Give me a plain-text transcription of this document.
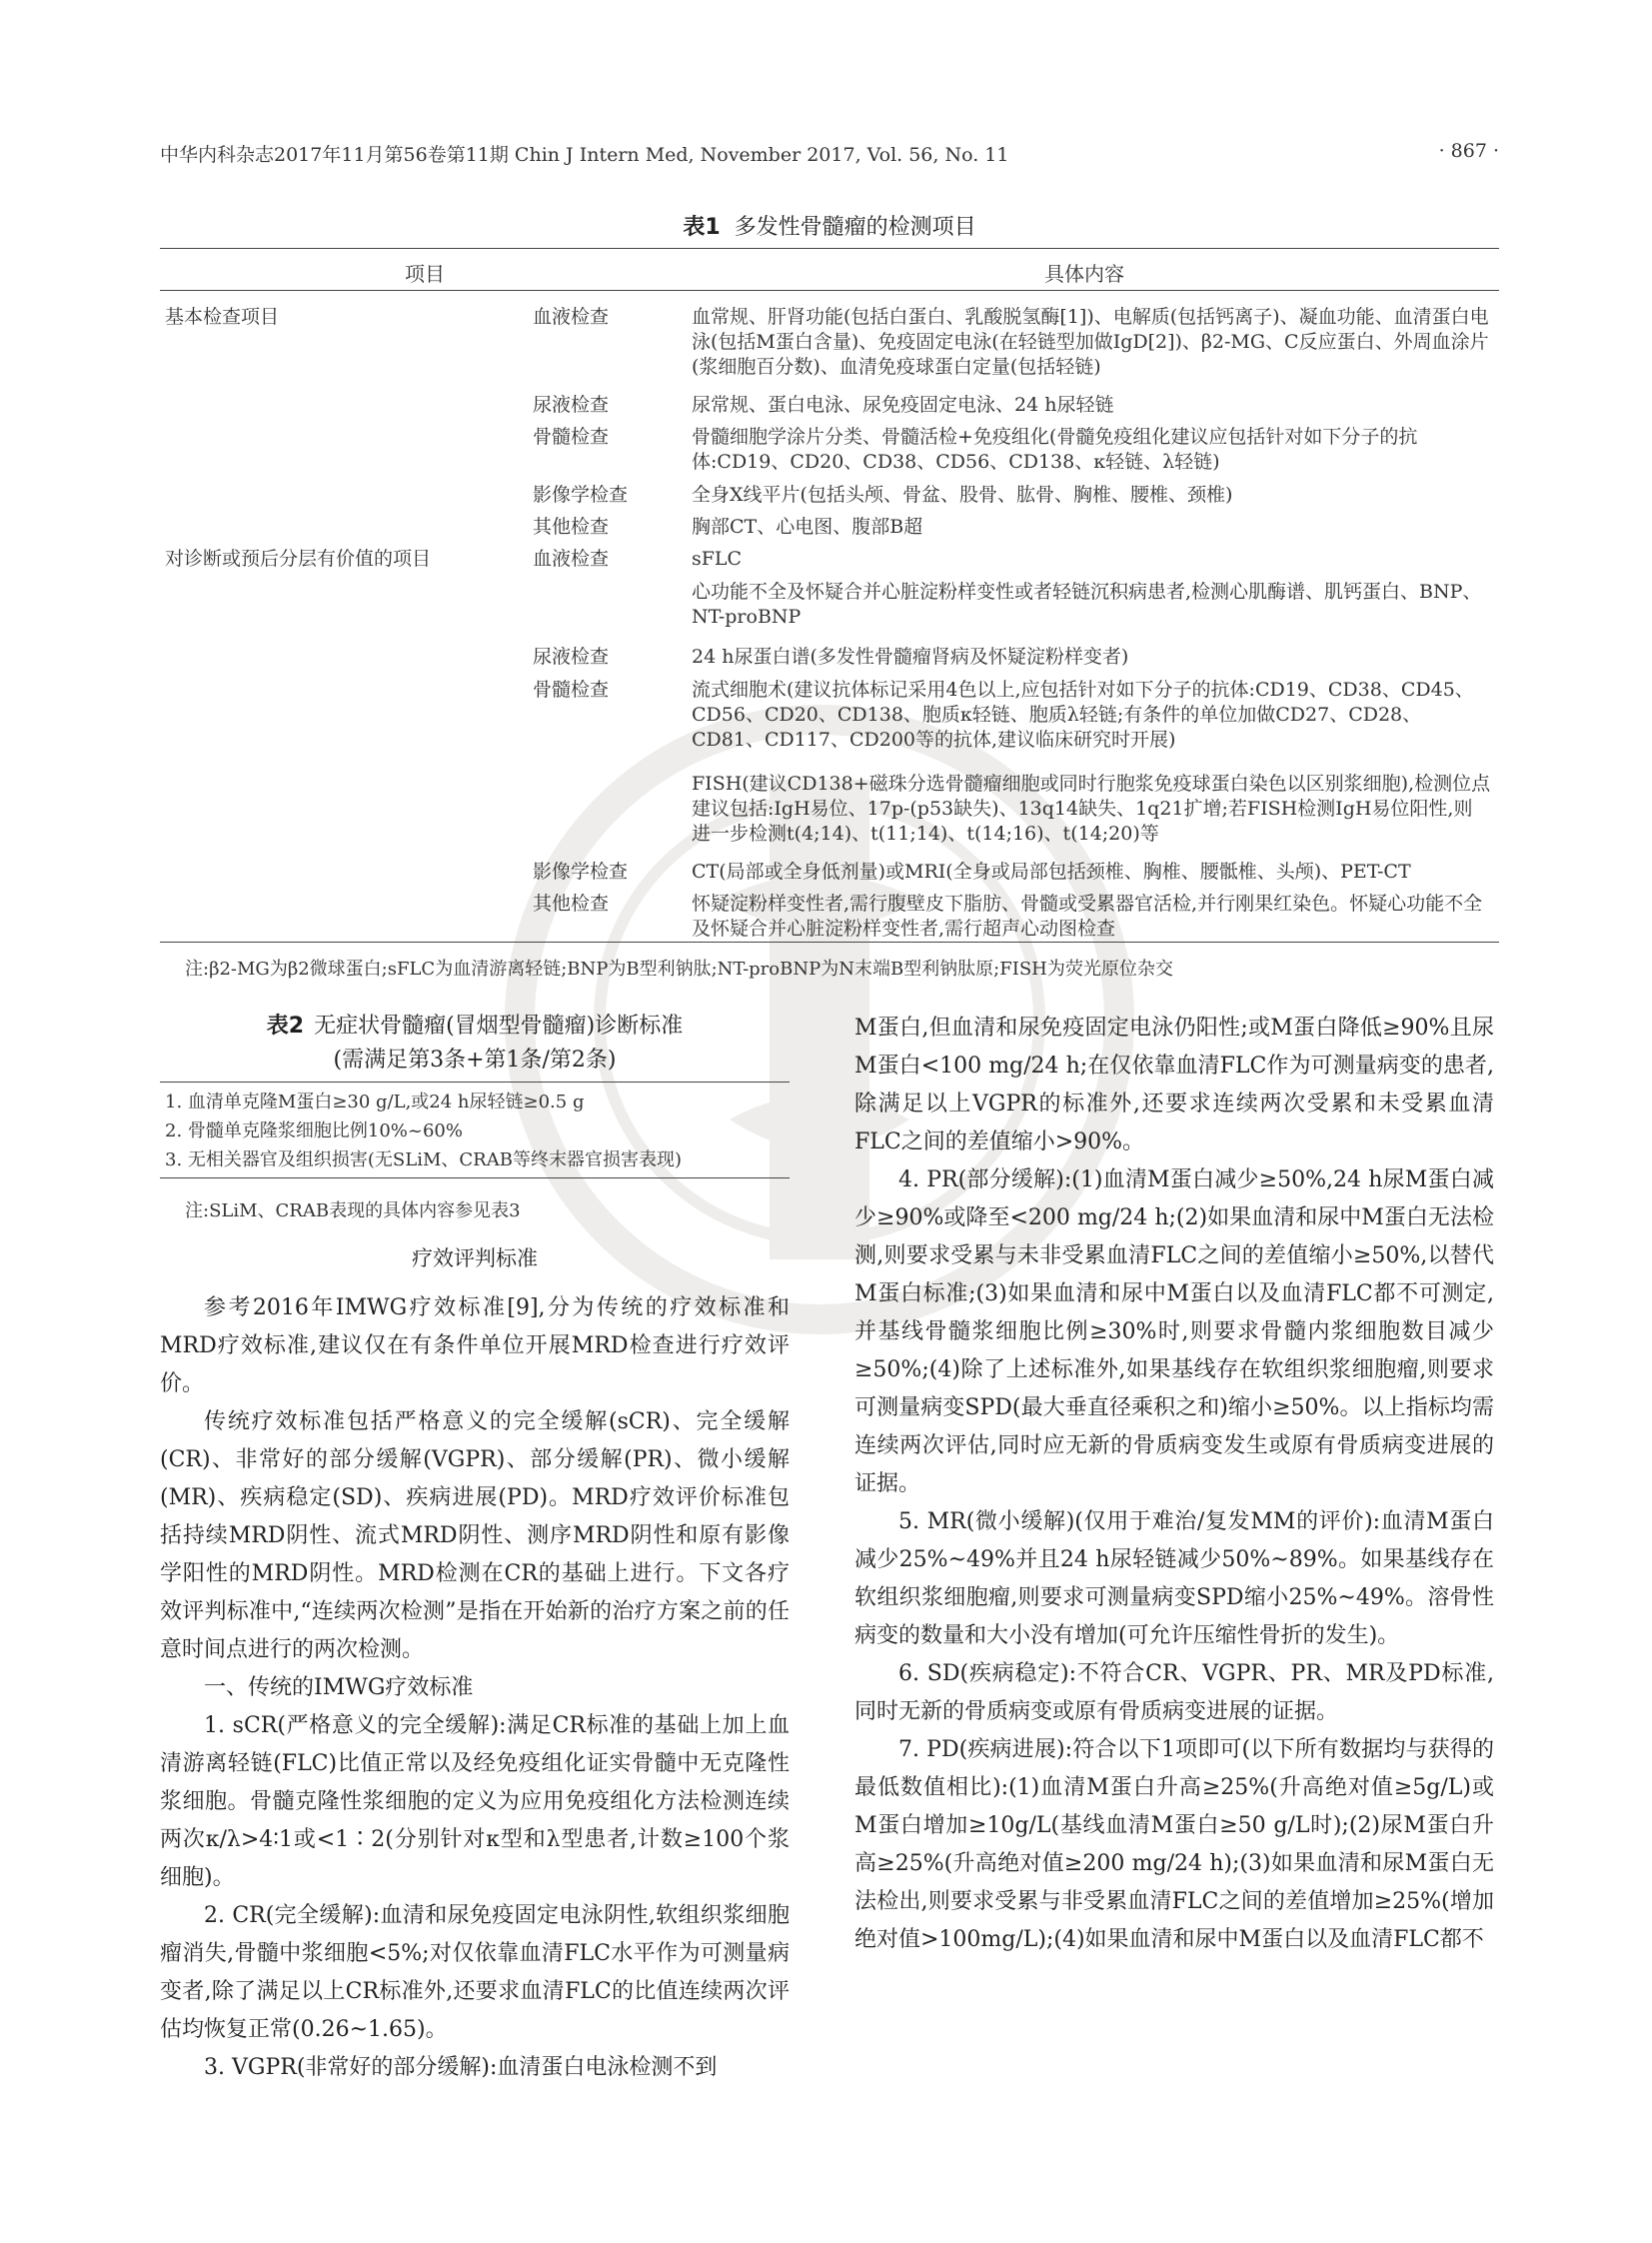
中华内科杂志2017年11月第56卷第11期 Chin J Intern Med, November 2017, Vol. 56, No. 11	· 867 ·
表1 多发性骨髓瘤的检测项目
项目	具体内容
基本检查项目	血液检查	血常规、肝肾功能(包括白蛋白、乳酸脱氢酶[1])、电解质(包括钙离子)、凝血功能、血清蛋白电泳(包括M蛋白含量)、免疫固定电泳(在轻链型加做IgD[2])、β2-MG、C反应蛋白、外周血涂片(浆细胞百分数)、血清免疫球蛋白定量(包括轻链)
尿液检查	尿常规、蛋白电泳、尿免疫固定电泳、24 h尿轻链
骨髓检查	骨髓细胞学涂片分类、骨髓活检+免疫组化(骨髓免疫组化建议应包括针对如下分子的抗体:CD19、CD20、CD38、CD56、CD138、κ轻链、λ轻链)
影像学检查	全身X线平片(包括头颅、骨盆、股骨、肱骨、胸椎、腰椎、颈椎)
其他检查	胸部CT、心电图、腹部B超
对诊断或预后分层有价值的项目	血液检查	sFLC
心功能不全及怀疑合并心脏淀粉样变性或者轻链沉积病患者,检测心肌酶谱、肌钙蛋白、BNP、NT-proBNP
尿液检查	24 h尿蛋白谱(多发性骨髓瘤肾病及怀疑淀粉样变者)
骨髓检查	流式细胞术(建议抗体标记采用4色以上,应包括针对如下分子的抗体:CD19、CD38、CD45、CD56、CD20、CD138、胞质κ轻链、胞质λ轻链;有条件的单位加做CD27、CD28、CD81、CD117、CD200等的抗体,建议临床研究时开展)
FISH(建议CD138+磁珠分选骨髓瘤细胞或同时行胞浆免疫球蛋白染色以区别浆细胞),检测位点建议包括:IgH易位、17p-(p53缺失)、13q14缺失、1q21扩增;若FISH检测IgH易位阳性,则进一步检测t(4;14)、t(11;14)、t(14;16)、t(14;20)等
影像学检查	CT(局部或全身低剂量)或MRI(全身或局部包括颈椎、胸椎、腰骶椎、头颅)、PET-CT
其他检查	怀疑淀粉样变性者,需行腹壁皮下脂肪、骨髓或受累器官活检,并行刚果红染色。怀疑心功能不全及怀疑合并心脏淀粉样变性者,需行超声心动图检查
注:β2-MG为β2微球蛋白;sFLC为血清游离轻链;BNP为B型利钠肽;NT-proBNP为N末端B型利钠肽原;FISH为荧光原位杂交
表2 无症状骨髓瘤(冒烟型骨髓瘤)诊断标准
(需满足第3条+第1条/第2条)
1. 血清单克隆M蛋白≥30 g/L,或24 h尿轻链≥0.5 g
2. 骨髓单克隆浆细胞比例10%~60%
3. 无相关器官及组织损害(无SLiM、CRAB等终末器官损害表现)
注:SLiM、CRAB表现的具体内容参见表3
疗效评判标准

参考2016年IMWG疗效标准[9],分为传统的疗效标准和MRD疗效标准,建议仅在有条件单位开展MRD检查进行疗效评价。

传统疗效标准包括严格意义的完全缓解(sCR)、完全缓解(CR)、非常好的部分缓解(VGPR)、部分缓解(PR)、微小缓解(MR)、疾病稳定(SD)、疾病进展(PD)。MRD疗效评价标准包括持续MRD阴性、流式MRD阴性、测序MRD阴性和原有影像学阳性的MRD阴性。MRD检测在CR的基础上进行。下文各疗效评判标准中,“连续两次检测”是指在开始新的治疗方案之前的任意时间点进行的两次检测。

一、传统的IMWG疗效标准

1. sCR(严格意义的完全缓解):满足CR标准的基础上加上血清游离轻链(FLC)比值正常以及经免疫组化证实骨髓中无克隆性浆细胞。骨髓克隆性浆细胞的定义为应用免疫组化方法检测连续两次κ/λ>4∶1或<1∶2(分别针对κ型和λ型患者,计数≥100个浆细胞)。

2. CR(完全缓解):血清和尿免疫固定电泳阴性,软组织浆细胞瘤消失,骨髓中浆细胞<5%;对仅依靠血清FLC水平作为可测量病变者,除了满足以上CR标准外,还要求血清FLC的比值连续两次评估均恢复正常(0.26~1.65)。

3. VGPR(非常好的部分缓解):血清蛋白电泳检测不到

M蛋白,但血清和尿免疫固定电泳仍阳性;或M蛋白降低≥90%且尿M蛋白<100 mg/24 h;在仅依靠血清FLC作为可测量病变的患者,除满足以上VGPR的标准外,还要求连续两次受累和未受累血清FLC之间的差值缩小>90%。

4. PR(部分缓解):(1)血清M蛋白减少≥50%,24 h尿M蛋白减少≥90%或降至<200 mg/24 h;(2)如果血清和尿中M蛋白无法检测,则要求受累与未非受累血清FLC之间的差值缩小≥50%,以替代M蛋白标准;(3)如果血清和尿中M蛋白以及血清FLC都不可测定,并基线骨髓浆细胞比例≥30%时,则要求骨髓内浆细胞数目减少≥50%;(4)除了上述标准外,如果基线存在软组织浆细胞瘤,则要求可测量病变SPD(最大垂直径乘积之和)缩小≥50%。以上指标均需连续两次评估,同时应无新的骨质病变发生或原有骨质病变进展的证据。

5. MR(微小缓解)(仅用于难治/复发MM的评价):血清M蛋白减少25%~49%并且24 h尿轻链减少50%~89%。如果基线存在软组织浆细胞瘤,则要求可测量病变SPD缩小25%~49%。溶骨性病变的数量和大小没有增加(可允许压缩性骨折的发生)。

6. SD(疾病稳定):不符合CR、VGPR、PR、MR及PD标准,同时无新的骨质病变或原有骨质病变进展的证据。

7. PD(疾病进展):符合以下1项即可(以下所有数据均与获得的最低数值相比):(1)血清M蛋白升高≥25%(升高绝对值≥5g/L)或M蛋白增加≥10g/L(基线血清M蛋白≥50 g/L时);(2)尿M蛋白升高≥25%(升高绝对值≥200 mg/24 h);(3)如果血清和尿M蛋白无法检出,则要求受累与非受累血清FLC之间的差值增加≥25%(增加绝对值>100mg/L);(4)如果血清和尿中M蛋白以及血清FLC都不
